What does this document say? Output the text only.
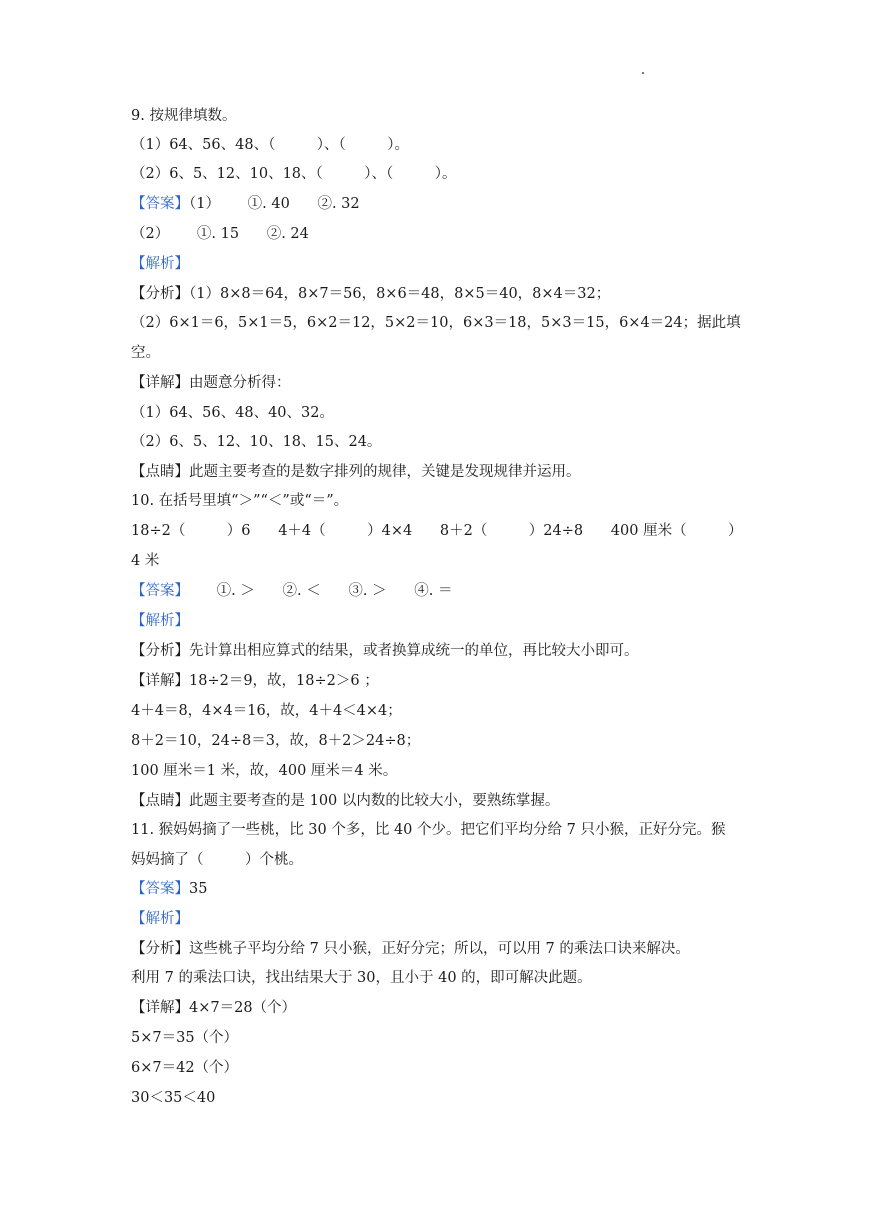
9. 按规律填数。
（1）64、56、48、（         ）、（         ）。
（2）6、5、12、10、18、（         ）、（         ）。
【答案】（1）      ①. 40      ②. 32
（2）      ①. 15      ②. 24
【解析】
【分析】（1）8×8＝64，8×7＝56，8×6＝48，8×5＝40，8×4＝32；
（2）6×1＝6，5×1＝5，6×2＝12，5×2＝10，6×3＝18，5×3＝15，6×4＝24；据此填
空。
【详解】由题意分析得：
（1）64、56、48、40、32。
（2）6、5、12、10、18、15、24。
【点睛】此题主要考查的是数字排列的规律，关键是发现规律并运用。
10. 在括号里填“＞”“＜”或“＝”。
18÷2（         ）6      4＋4（         ）4×4      8＋2（         ）24÷8      400 厘米（         ）
4 米
【答案】      ①. ＞      ②. ＜      ③. ＞      ④. ＝
【解析】
【分析】先计算出相应算式的结果，或者换算成统一的单位，再比较大小即可。
【详解】18÷2＝9，故，18÷2＞6 ；
4＋4＝8，4×4＝16，故，4＋4＜4×4；
8＋2＝10，24÷8＝3，故，8＋2＞24÷8；
100 厘米＝1 米，故，400 厘米＝4 米。
【点睛】此题主要考查的是 100 以内数的比较大小，要熟练掌握。
11. 猴妈妈摘了一些桃，比 30 个多，比 40 个少。把它们平均分给 7 只小猴，正好分完。猴
妈妈摘了（         ）个桃。
【答案】35
【解析】
【分析】这些桃子平均分给 7 只小猴，正好分完；所以，可以用 7 的乘法口诀来解决。
利用 7 的乘法口诀，找出结果大于 30，且小于 40 的，即可解决此题。
【详解】4×7＝28（个）
5×7＝35（个）
6×7＝42（个）
30＜35＜40
